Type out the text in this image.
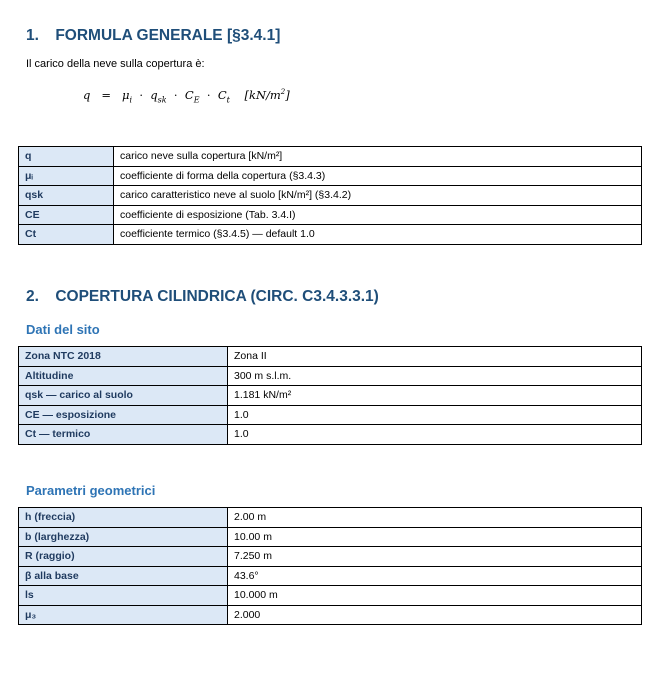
1. FORMULA GENERALE [§3.4.1]

Il carico della neve sulla copertura è:

$q = \mu_i \cdot q_{sk} \cdot C_E \cdot C_t$ $[kN/m^2]$
q	carico neve sulla copertura [kN/m²]
μᵢ	coefficiente di forma della copertura (§3.4.3)
qsk	carico caratteristico neve al suolo [kN/m²] (§3.4.2)
CE	coefficiente di esposizione (Tab. 3.4.I)
Ct	coefficiente termico (§3.4.5) — default 1.0
2. COPERTURA CILINDRICA (CIRC. C3.4.3.3.1)
Dati del sito
Zona NTC 2018	Zona II
Altitudine	300 m s.l.m.
qsk — carico al suolo	1.181 kN/m²
CE — esposizione	1.0
Ct — termico	1.0
Parametri geometrici
h (freccia)	2.00 m
b (larghezza)	10.00 m
R (raggio)	7.250 m
β alla base	43.6°
ls	10.000 m
μ₃	2.000
